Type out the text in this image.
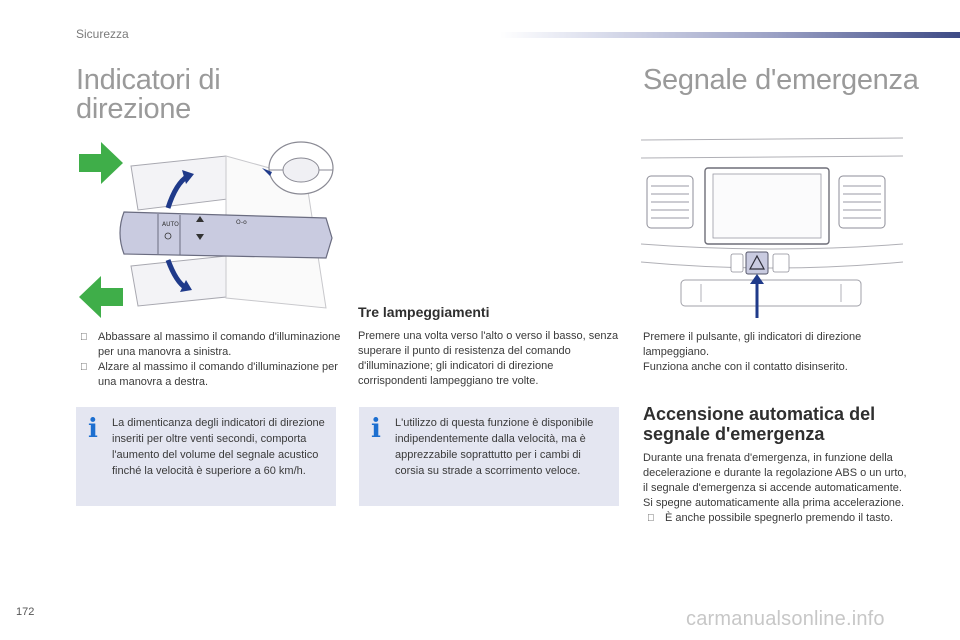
Sicurezza
Indicatori di direzione
AUTO	O-o
Abbassare al massimo il comando d'illuminazione per una manovra a sinistra.
Alzare al massimo il comando d'illuminazione per una manovra a destra.
i La dimenticanza degli indicatori di direzione inseriti per oltre venti secondi, comporta l'aumento del volume del segnale acustico finché la velocità è superiore a 60 km/h.
Tre lampeggiamenti
Premere una volta verso l'alto o verso il basso, senza superare il punto di resistenza del comando d'illuminazione; gli indicatori di direzione corrispondenti lampeggiano tre volte.
i L'utilizzo di questa funzione è disponibile indipendentemente dalla velocità, ma è apprezzabile soprattutto per i cambi di corsia su strade a scorrimento veloce.
Segnale d'emergenza
Premere il pulsante, gli indicatori di direzione lampeggiano.
Funziona anche con il contatto disinserito.
Accensione automatica del segnale d'emergenza
Durante una frenata d'emergenza, in funzione della decelerazione e durante la regolazione ABS o un urto, il segnale d'emergenza si accende automaticamente.
Si spegne automaticamente alla prima accelerazione.
È anche possibile spegnerlo premendo il tasto.
172	carmanualsonline.info
